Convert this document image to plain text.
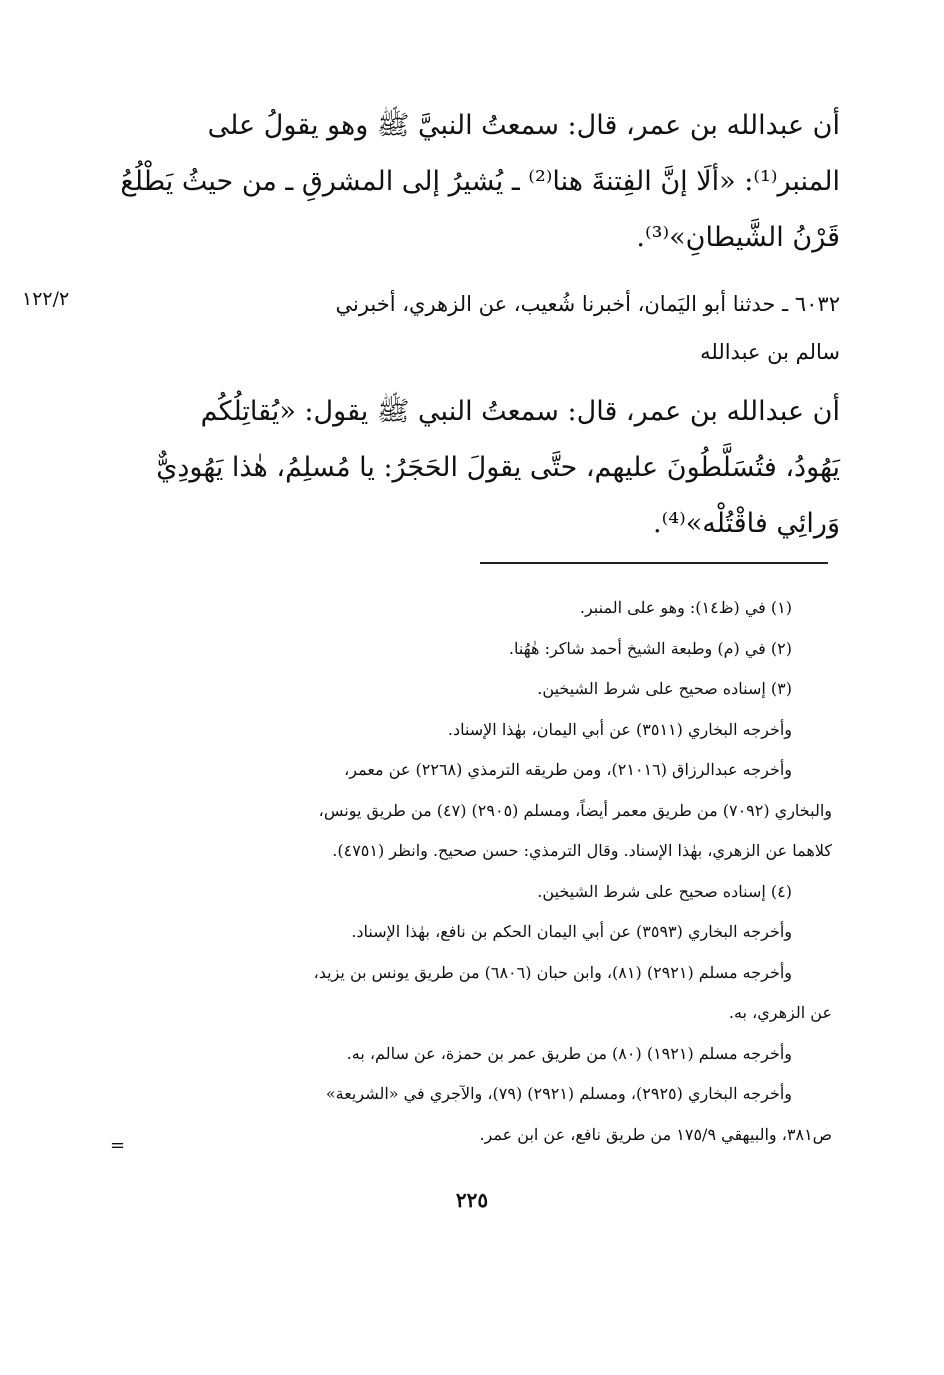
أن عبدالله بن عمر، قال: سمعتُ النبيَّ ﷺ وهو يقولُ على
المنبر⁽¹⁾: «ألَا إنَّ الفِتنةَ هنا⁽²⁾ ـ يُشيرُ إلى المشرقِ ـ من حيثُ يَطْلُعُ
قَرْنُ الشَّيطانِ»⁽³⁾.
١٢٢/٢	٦٠٣٢ ـ حدثنا أبو اليَمان، أخبرنا شُعيب، عن الزهري، أخبرني
سالم بن عبدالله
أن عبدالله بن عمر، قال: سمعتُ النبي ﷺ يقول: «يُقاتِلُكُم
يَهُودُ، فتُسَلَّطُونَ عليهم، حتَّى يقولَ الحَجَرُ: يا مُسلِمُ، هٰذا يَهُودِيٌّ
وَرائِي فاقْتُلْه»⁽⁴⁾.
(١) في (ظ١٤): وهو على المنبر.
(٢) في (م) وطبعة الشيخ أحمد شاكر: هٰهُنا.
(٣) إسناده صحيح على شرط الشيخين.
وأخرجه البخاري (٣٥١١) عن أبي اليمان، بهٰذا الإسناد.
وأخرجه عبدالرزاق (٢١٠١٦)، ومن طريقه الترمذي (٢٢٦٨) عن معمر،
والبخاري (٧٠٩٢) من طريق معمر أيضاً، ومسلم (٢٩٠٥) (٤٧) من طريق يونس،
كلاهما عن الزهري، بهٰذا الإسناد. وقال الترمذي: حسن صحيح. وانظر (٤٧٥١).
(٤) إسناده صحيح على شرط الشيخين.
وأخرجه البخاري (٣٥٩٣) عن أبي اليمان الحكم بن نافع، بهٰذا الإسناد.
وأخرجه مسلم (٢٩٢١) (٨١)، وابن حبان (٦٨٠٦) من طريق يونس بن يزيد،
عن الزهري، به.
وأخرجه مسلم (١٩٢١) (٨٠) من طريق عمر بن حمزة، عن سالم، به.
وأخرجه البخاري (٢٩٢٥)، ومسلم (٢٩٢١) (٧٩)، والآجري في «الشريعة»
ص٣٨١، والبيهقي ١٧٥/٩ من طريق نافع، عن ابن عمر.
=
٢٢٥
